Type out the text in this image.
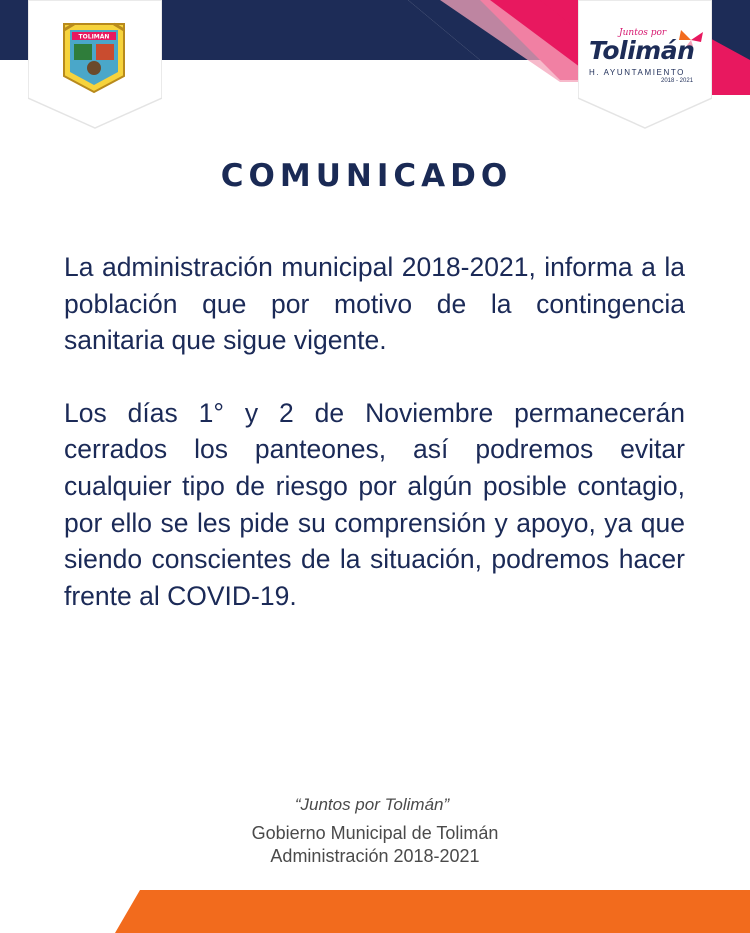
TOLIMÁN	Juntos por
Tolimán
H. AYUNTAMIENTO
2018 - 2021
COMUNICADO

La administración municipal 2018-2021, informa a la población que por motivo de la contingencia sanitaria que sigue vigente.

Los días 1° y 2 de Noviembre permanecerán cerrados los panteones, así podremos evitar cualquier tipo de riesgo por algún posible contagio, por ello se les pide su comprensión y apoyo, ya que siendo conscientes de la situación, podremos hacer frente al COVID-19.

“Juntos por Tolimán”
Gobierno Municipal de Tolimán
Administración 2018-2021
